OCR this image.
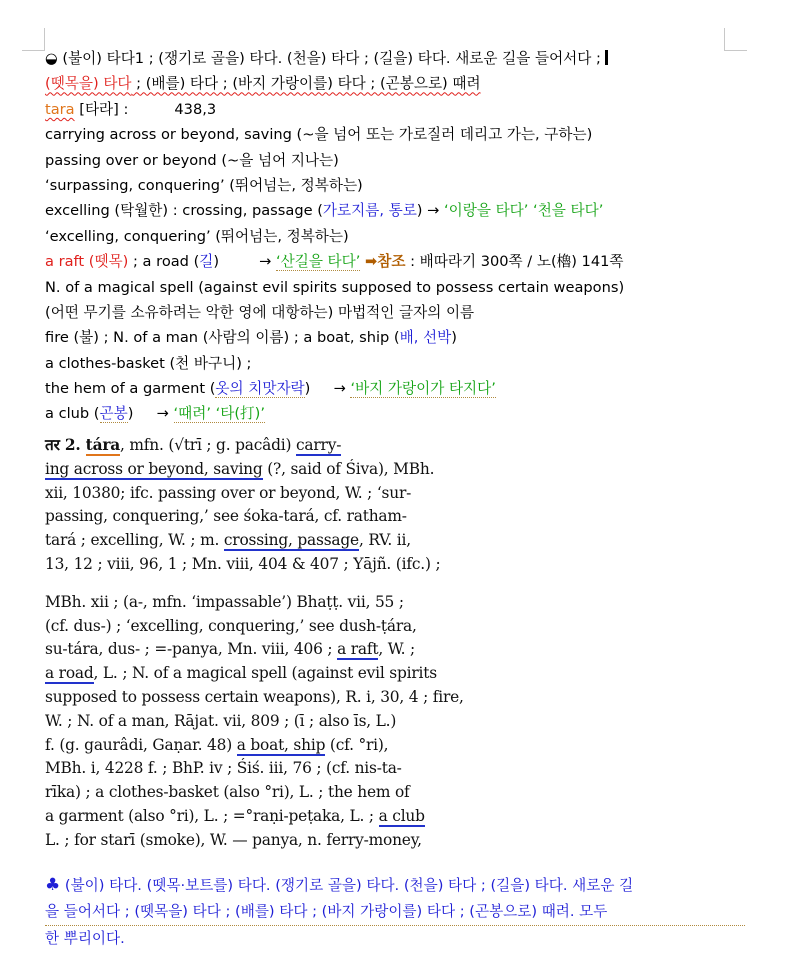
◒ (불이) 타다1 ; (쟁기로 골을) 타다. (천을) 타다 ; (길을) 타다. 새로운 길을 들어서다 ;
(뗏목을) 타다 ; (배를) 타다 ; (바지 가랑이를) 타다 ; (곤봉으로) 때려
tara [타라] :	438,3
carrying across or beyond, saving (~을 넘어 또는 가로질러 데리고 가는, 구하는)
passing over or beyond (~을 넘어 지나는)
‘surpassing, conquering’ (뛰어넘는, 정복하는)
excelling (탁월한) : crossing, passage (가로지름, 통로) → ‘이랑을 타다’ ‘천을 타다’
‘excelling, conquering’ (뛰어넘는, 정복하는)
a raft (뗏목) ; a road (길)	→ ‘산길을 타다’ ➡참조 : 배따라기 300쪽 / 노(櫓) 141쪽
N. of a magical spell (against evil spirits supposed to possess certain weapons)
(어떤 무기를 소유하려는 악한 영에 대항하는) 마법적인 글자의 이름
fire (불) ; N. of a man (사람의 이름) ; a boat, ship (배, 선박)
a clothes-basket (천 바구니) ;
the hem of a garment (옷의 치맛자락) → ‘바지 가랑이가 타지다’
a club (곤봉) → ‘때려’ ‘타(打)’
तर 2. tára, mfn. (√trī ; g. pacâdi) carry-
ing across or beyond, saving (?, said of Śiva), MBh.
xii, 10380; ifc. passing over or beyond, W. ; ‘sur-
passing, conquering,’ see śoka-tará, cf. ratham-
tará ; excelling, W. ; m. crossing, passage, RV. ii,
13, 12 ; viii, 96, 1 ; Mn. viii, 404 & 407 ; Yājñ. (ifc.) ;
MBh. xii ; (a-, mfn. ‘impassable’) Bhaṭṭ. vii, 55 ;
(cf. dus-) ; ‘excelling, conquering,’ see dush-ṭára,
su-tára, dus- ; =-panya, Mn. viii, 406 ; a raft, W. ;
a road, L. ; N. of a magical spell (against evil spirits
supposed to possess certain weapons), R. i, 30, 4 ; fire,
W. ; N. of a man, Rājat. vii, 809 ; (ī ; also īs, L.)
f. (g. gaurâdi, Gaṇar. 48) a boat, ship (cf. °ri),
MBh. i, 4228 f. ; BhP. iv ; Śiś. iii, 76 ; (cf. nis-ta-
rīka) ; a clothes-basket (also °ri), L. ; the hem of
a garment (also °ri), L. ; =°raṇi-peṭaka, L. ; a club
L. ; for starī (smoke), W. — panya, n. ferry-money,
♣ (불이) 타다. (뗏목·보트를) 타다. (쟁기로 골을) 타다. (천을) 타다 ; (길을) 타다. 새로운 길
을 들어서다 ; (뗏목을) 타다 ; (배를) 타다 ; (바지 가랑이를) 타다 ; (곤봉으로) 때려. 모두
한 뿌리이다.
